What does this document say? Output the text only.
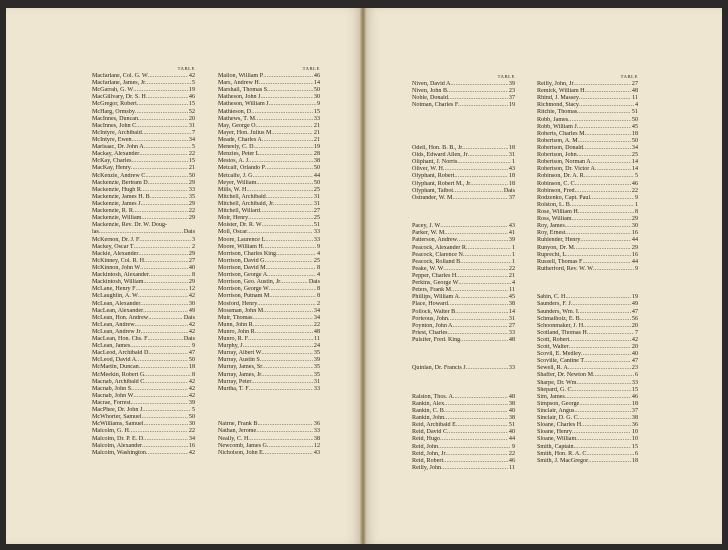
TABLE
Macfarlane, Col. G. W .....	42
Macfarlane, James, Jr .....	5
McGarrah, G. W .....	19
MacGillvary, Dr. S. H .....	46
McGregor, Robert .....	15
McHarg, Ormsby .....	52
MacInnes, Duncan .....	20
MacInnes, John C .....	31
McIntyre, Archibald .....	7
McIntyre, Ewen .....	34
Marlsaac, Dr. John A .....	5
Mackay, Alexander .....	22
McKay, Charles .....	15
MacKay, Henry .....	21
McKenzie, Andrew C .....	50
Mackenzie, Bertram D .....	29
Mackenzie, Hugh R .....	33
Mackenzie, James H. B .....	35
Mackenzie, James J .....	29
Mackenzie, R. R .....	22
Mackenzie, William .....	29
Mackenzie, Rev. Dr. W. Doug-
las .....	Dais
McKernon, Dr. J. F .....	3
Mackey, Oscar T .....	2
Mackie, Alexander .....	29
McKinney, Col. R. H .....	27
McKinnon, John W .....	40
Mackintosh, Alexander .....	8
Mackintosh, William .....	29
McLane, Henry F .....	12
McLaughlin, A. W .....	42
McLean, Alexander .....	30
MacLean, Alexander .....	49
McLean, Hon. Andrew .....	Dais
McLean, Andrew .....	42
McLean, Andrew Jr .....	42
MacLean, Hon. Chs. F .....	Dais
McLean, James .....	9
MacLeod, Archibald D .....	47
McLeod, David A .....	50
McMartin, Duncan .....	18
McMeekin, Robert G .....	8
Macnab, Archibald C .....	42
Macnab, John S .....	42
Macnab, John W .....	42
Macrae, Forrest .....	39
MacPhee, Dr. John J .....	5
McWhorter, Samuel .....	50
McWilliams, Samuel .....	30
Malcolm, G. H .....	22
Malcolm, Dr. P. E. D .....	34
Malcolm, Alexander .....	16
Malcolm, Washington .....	42
TABLE
Mallon, William P .....	46
Mars, Andrew H .....	14
Marshall, Thomas S .....	50
Matheson, John J .....	30
Matheson, William J .....	9
Mathieson, D .....	15
Mathews, T. M .....	33
May, George O .....	21
Mayer, Hon. Julius M .....	21
Meade, Charles A .....	21
Meneely, C. D .....	19
Menzies, Peter L .....	28
Mestos, A. J .....	38
Metcalf, Orlando P .....	50
Metcalfe, J. G .....	44
Meyer, William .....	50
Mills, W. H .....	25
Mitchell, Archibald .....	31
Mitchell, Archibald, Jr .....	31
Mitchell, Willard .....	27
Moir, Henry .....	25
Moister, Dr. R. W .....	51
Moll, Oscar .....	33
Moore, Laurence L .....	33
Moore, William H .....	9
Morrison, Charles King .....	4
Morrison, David G .....	25
Morrison, David M .....	8
Morrison, George A .....	4
Morrison, Geo. Austin, Jr .....	Dais
Morrison, George W .....	8
Morrison, Putnam M .....	8
Mosford, Henry .....	2
Mossman, John M .....	34
Muir, Thomas .....	34
Munn, John R .....	22
Munro, John R .....	48
Munro, R. F .....	11
Murphy, J .....	24
Murray, Albert W .....	35
Murray, Austin S .....	39
Murray, James, Sr .....	35
Murray, James, Jr .....	35
Murray, Peter .....	31
Murtha, T. F .....	33
Nairne, Frank B .....	36
Nathan, Jerome .....	33
Neally, C. H .....	38
Newcomb, James G .....	12
Nicholson, John E .....	43
TABLE
Niven, David A .....	39
Niven, John B .....	23
Noble, Donald .....	37
Notman, Charles F .....	19
Odell, Hon. B. B., Jr .....	18
Olds, Edward Allen, Jr .....	31
Oliphant, J. Norris .....	1
Oliver, W. H .....	43
Olyphant, Robert .....	18
Olyphant, Robert M., Jr .....	18
Olyphant, Talbot .....	Dais
Ostrander, W. M .....	37
Pacey, J. W .....	43
Parker, W. M .....	41
Patterson, Andrew .....	39
Peacock, Alexander R .....	1
Peacock, Clarence N .....	1
Peacock, Rolland B .....	1
Peake, W. W .....	22
Pepper, Charles H .....	21
Perkins, George W .....	4
Peters, Frank M .....	11
Phillips, William A .....	45
Place, Howard .....	38
Pollock, Walter B .....	14
Porteous, John .....	31
Poynton, John A .....	27
Priest, Charles .....	33
Pulsifer, Fred. King .....	48
Quinlan, Dr. Francis J .....	33
Ralston, Thos. A .....	48
Rankin, Alex .....	38
Rankin, C. B .....	40
Rankin, John .....	38
Reid, Archibald E .....	51
Reid, David C .....	40
Reid, Hugo .....	44
Reid, John .....	9
Reid, John, Jr .....	22
Reid, Robert .....	46
Reilly, John .....	11
TABLE
Reilly, John, Jr .....	27
Remick, William H .....	48
Rhind, J. Massey .....	11
Richmond, Stacy .....	4
Ritchie, Thomas .....	51
Robb, James .....	50
Robb, William J .....	45
Roberts, Charles M .....	18
Robertson, A. M .....	50
Robertson, Donald .....	34
Robertson, John .....	25
Robertson, Norman A .....	14
Robertson, Dr. Victor A .....	14
Robinson, Dr. A. R .....	5
Robinson, C. C .....	46
Robinson, Fred .....	22
Rodzenko, Capt. Paul .....	9
Rolston, L. B .....	1
Rose, William H .....	8
Ross, William .....	29
Roy, James .....	30
Roy, Ernest .....	16
Ruhlender, Henry .....	44
Runyon, Dr. M .....	29
Ruprecht, L .....	16
Russell, Thomas F .....	44
Rutherford, Rev. W. W .....	9
Sabin, C. H .....	19
Saunders, F. J .....	49
Saunders, Wm. I .....	47
Schmalholz, E. B .....	56
Schoonmaker, J. H .....	20
Scotland, Thomas H .....	7
Scott, Robert .....	42
Scott, Walter .....	20
Scovil, E. Medley .....	40
Scoville, Cantine T .....	47
Sewell, R. A .....	23
Shaffer, Dr. Newton M .....	6
Sharpe, Dr. Wm .....	33
Shepard, G. C .....	15
Sim, James .....	46
Simpson, George .....	18
Sinclair, Angus .....	37
Sinclair, D. G. C .....	38
Sloane, Charles H .....	36
Sloane, Henry .....	10
Sloane, William .....	10
Smith, Captain .....	15
Smith, Hon. R. A. C .....	6
Smith, J. MacGregor .....	18
